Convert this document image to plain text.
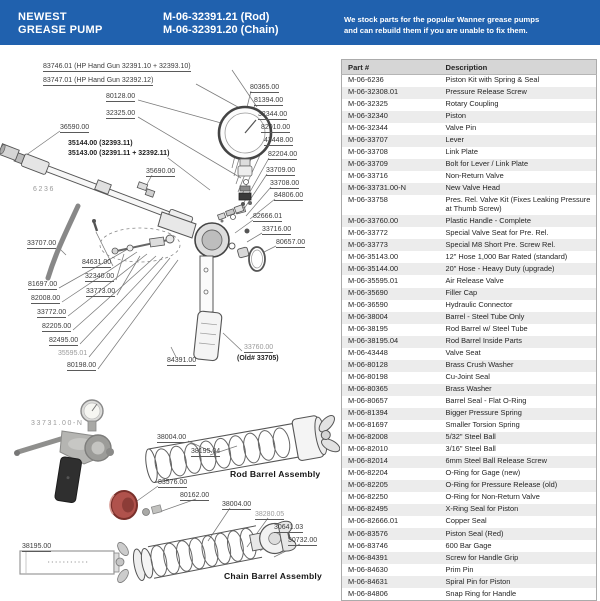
NEWEST
GREASE PUMP
M-06-32391.21 (Rod)
M-06-32391.20 (Chain)
We stock parts for the popular Wanner grease pumps
and can rebuild them if you are unable to fix them.
83746.01 (HP Hand Gun 32391.10 + 32393.10)
83747.01 (HP Hand Gun 32392.12)
80128.00
32325.00
36590.00
35144.00 (32393.11)
35143.00 (32391.11 + 32392.11)
35690.00
6236
33707.00
84631.00
32340.00
33773.00
81697.00
82008.00
33772.00
82205.00
82495.00
35595.01
80198.00
84391.00
33760.00
(Old# 33705)
33731.00-N
80365.00
81394.00
32344.00
82010.00
43448.00
82204.00
33709.00
33708.00
84806.00
82666.01
33716.00
80657.00
38004.00
38195.04
Rod Barrel Assembly
83576.00
80162.00
38004.00
38280.05
30641.03
30732.00
Chain Barrel Assembly
38195.00
Part #	Description
M-06-6236	Piston Kit with Spring & Seal
M-06-32308.01	Pressure Release Screw
M-06-32325	Rotary Coupling
M-06-32340	Piston
M-06-32344	Valve Pin
M-06-33707	Lever
M-06-33708	Link Plate
M-06-33709	Bolt for Lever / Link Plate
M-06-33716	Non-Return Valve
M-06-33731.00-N	New Valve Head
M-06-33758	Pres. Rel. Valve Kit (Fixes Leaking Pressure at Thumb Screw)
M-06-33760.00	Plastic Handle - Complete
M-06-33772	Special Valve Seat for Pre. Rel.
M-06-33773	Special M8 Short Pre. Screw Rel.
M-06-35143.00	12" Hose 1,000 Bar Rated (standard)
M-06-35144.00	20" Hose - Heavy Duty (upgrade)
M-06-35595.01	Air Release Valve
M-06-35690	Filler Cap
M-06-36590	Hydraulic Connector
M-06-38004	Barrel - Steel Tube Only
M-06-38195	Rod Barrel w/ Steel Tube
M-06-38195.04	Rod Barrel Inside Parts
M-06-43448	Valve Seat
M-06-80128	Brass Crush Washer
M-06-80198	Cu-Joint Seal
M-06-80365	Brass Washer
M-06-80657	Barrel Seal - Flat O-Ring
M-06-81394	Bigger Pressure Spring
M-06-81697	Smaller Torsion Spring
M-06-82008	5/32" Steel Ball
M-06-82010	3/16" Steel Ball
M-06-82014	6mm Steel Ball Release Screw
M-06-82204	O-Ring for Gage (new)
M-06-82205	O-Ring for Pressure Release (old)
M-06-82250	O-Ring for Non-Return Valve
M-06-82495	X-Ring Seal for Piston
M-06-82666.01	Copper Seal
M-06-83576	Piston Seal (Red)
M-06-83746	600 Bar Gage
M-06-84391	Screw for Handle Grip
M-06-84630	Prim Pin
M-06-84631	Spiral Pin for Piston
M-06-84806	Snap Ring for Handle
